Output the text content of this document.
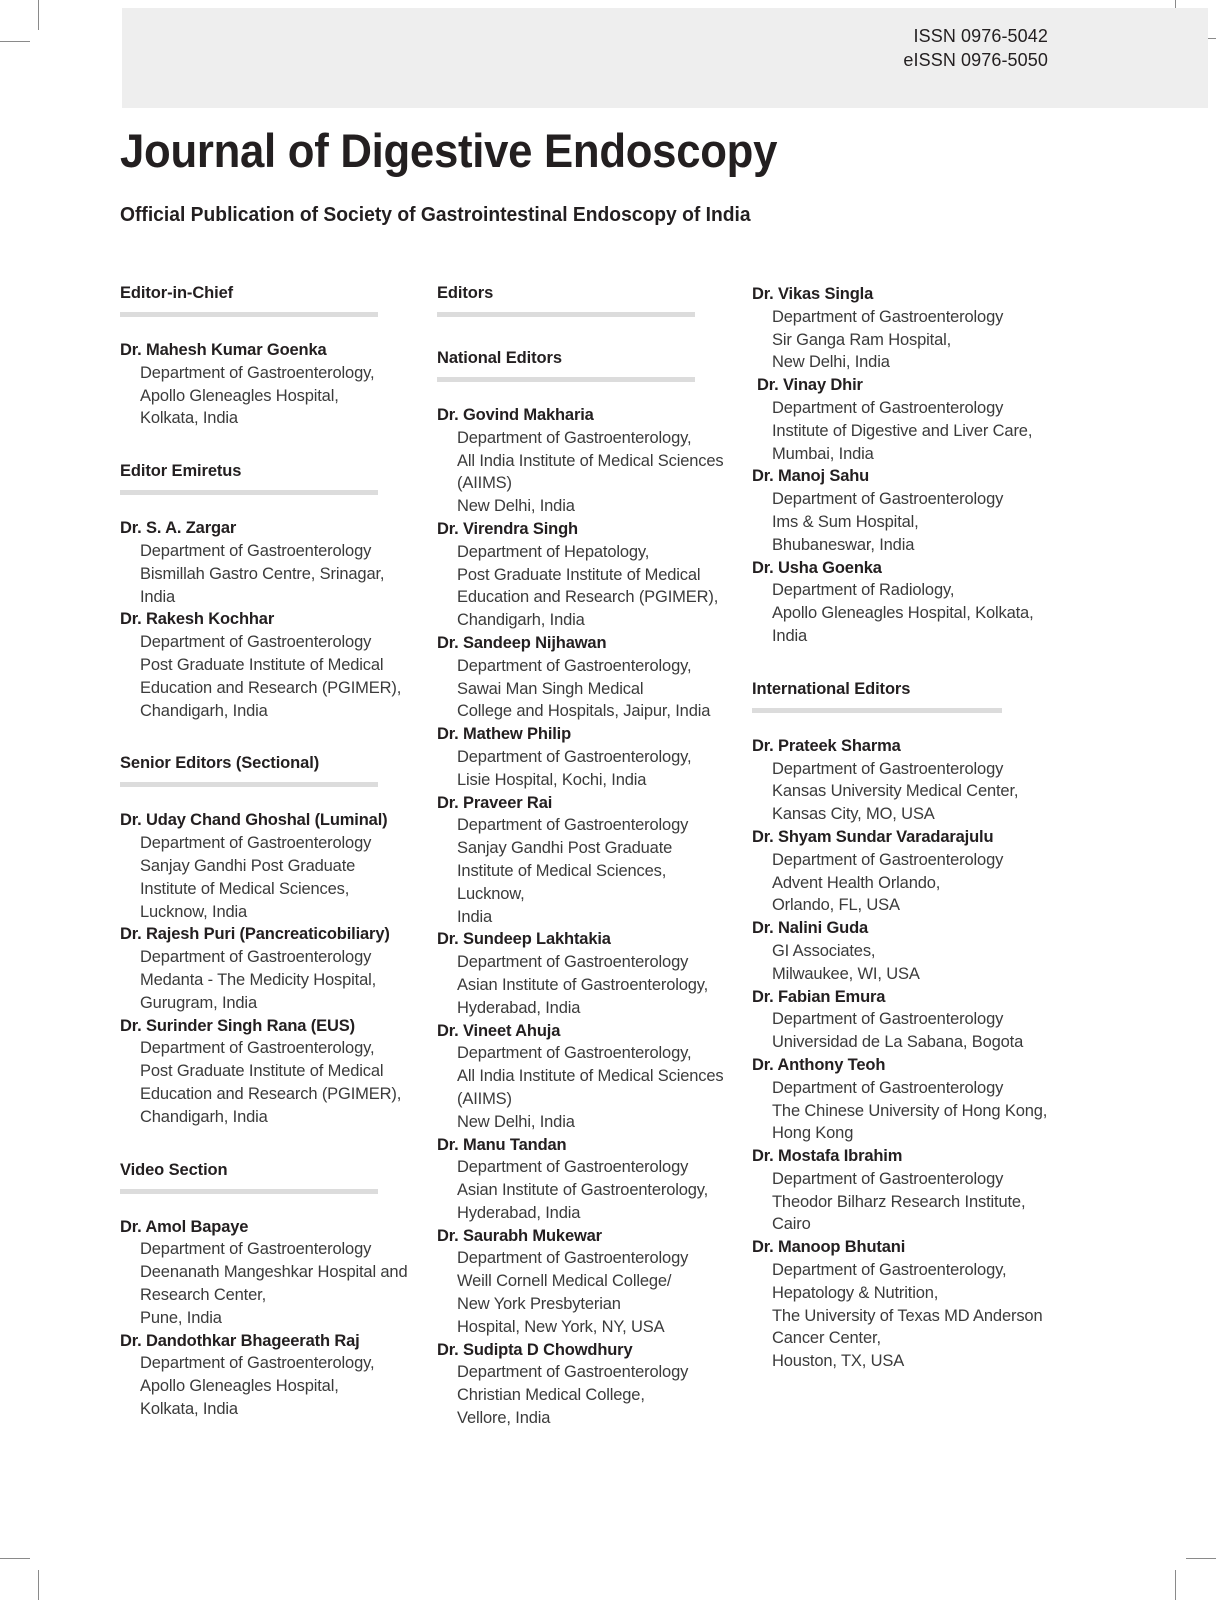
ISSN 0976-5042
eISSN 0976-5050
Journal of Digestive Endoscopy
Official Publication of Society of Gastrointestinal Endoscopy of India
Editor-in-Chief
Dr. Mahesh Kumar Goenka
Department of Gastroenterology,
Apollo Gleneagles Hospital,
Kolkata, India
Editor Emiretus
Dr. S. A. Zargar
Department of Gastroenterology
Bismillah Gastro Centre, Srinagar, India
Dr. Rakesh Kochhar
Department of Gastroenterology
Post Graduate Institute of Medical
Education and Research (PGIMER),
Chandigarh, India
Senior Editors (Sectional)
Dr. Uday Chand Ghoshal (Luminal)
Department of Gastroenterology
Sanjay Gandhi Post Graduate
Institute of Medical Sciences,
Lucknow, India
Dr. Rajesh Puri (Pancreaticobiliary)
Department of Gastroenterology
Medanta - The Medicity Hospital,
Gurugram, India
Dr. Surinder Singh Rana (EUS)
Department of Gastroenterology,
Post Graduate Institute of Medical
Education and Research (PGIMER),
Chandigarh, India
Video Section
Dr. Amol Bapaye
Department of Gastroenterology
Deenanath Mangeshkar Hospital and
Research Center,
Pune, India
Dr. Dandothkar Bhageerath Raj
Department of Gastroenterology,
Apollo Gleneagles Hospital,
Kolkata, India
Editors
National Editors
Dr. Govind Makharia
Department of Gastroenterology,
All India Institute of Medical Sciences
(AIIMS)
New Delhi, India
Dr. Virendra Singh
Department of Hepatology,
Post Graduate Institute of Medical
Education and Research (PGIMER),
Chandigarh, India
Dr. Sandeep Nijhawan
Department of Gastroenterology,
Sawai Man Singh Medical
College and Hospitals, Jaipur, India
Dr. Mathew Philip
Department of Gastroenterology,
Lisie Hospital, Kochi, India
Dr. Praveer Rai
Department of Gastroenterology
Sanjay Gandhi Post Graduate
Institute of Medical Sciences, Lucknow,
India
Dr. Sundeep Lakhtakia
Department of Gastroenterology
Asian Institute of Gastroenterology,
Hyderabad, India
Dr. Vineet Ahuja
Department of Gastroenterology,
All India Institute of Medical Sciences
(AIIMS)
New Delhi, India
Dr. Manu Tandan
Department of Gastroenterology
Asian Institute of Gastroenterology,
Hyderabad, India
Dr. Saurabh Mukewar
Department of Gastroenterology
Weill Cornell Medical College/
New York Presbyterian
Hospital, New York, NY, USA
Dr. Sudipta D Chowdhury
Department of Gastroenterology
Christian Medical College,
Vellore, India
Dr. Vikas Singla
Department of Gastroenterology
Sir Ganga Ram Hospital,
New Delhi, India
Dr. Vinay Dhir
Department of Gastroenterology
Institute of Digestive and Liver Care,
Mumbai, India
Dr. Manoj Sahu
Department of Gastroenterology
Ims & Sum Hospital,
Bhubaneswar, India
Dr. Usha Goenka
Department of Radiology,
Apollo Gleneagles Hospital, Kolkata,
India
International Editors
Dr. Prateek Sharma
Department of Gastroenterology
Kansas University Medical Center,
Kansas City, MO, USA
Dr. Shyam Sundar Varadarajulu
Department of Gastroenterology
Advent Health Orlando,
Orlando, FL, USA
Dr. Nalini Guda
GI Associates,
Milwaukee, WI, USA
Dr. Fabian Emura
Department of Gastroenterology
Universidad de La Sabana, Bogota
Dr. Anthony Teoh
Department of Gastroenterology
The Chinese University of Hong Kong,
Hong Kong
Dr. Mostafa Ibrahim
Department of Gastroenterology
Theodor Bilharz Research Institute,
Cairo
Dr. Manoop Bhutani
Department of Gastroenterology,
Hepatology & Nutrition,
The University of Texas MD Anderson
Cancer Center,
Houston, TX, USA
